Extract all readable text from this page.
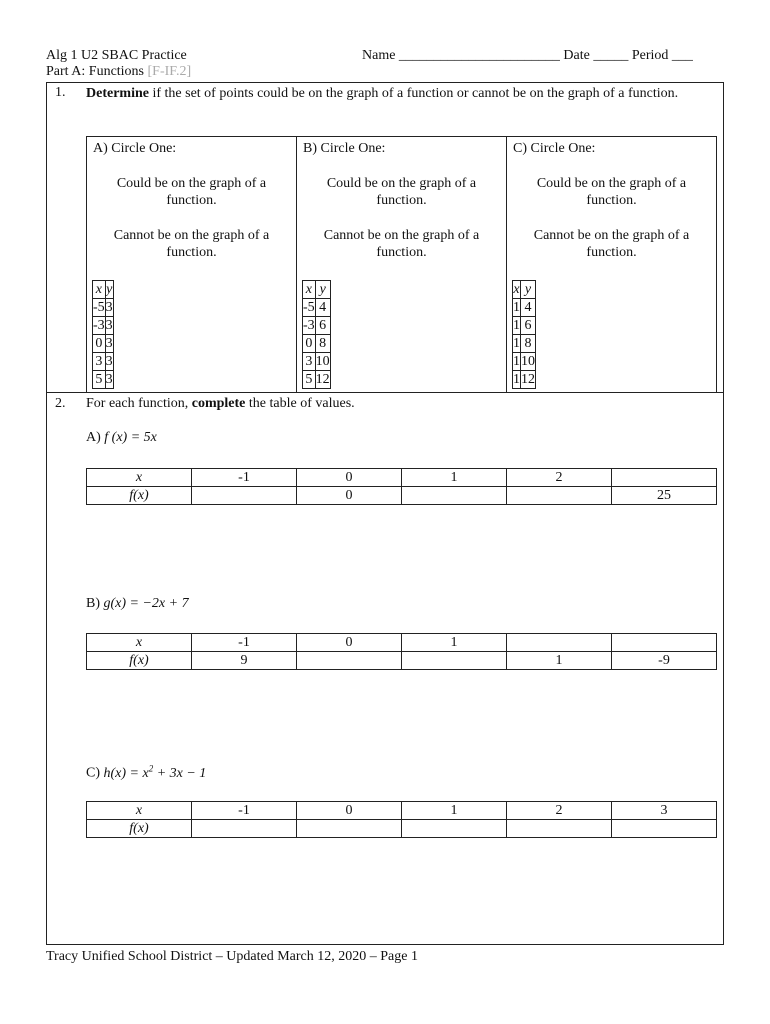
Alg 1 U2 SBAC Practice
Part A: Functions [F-IF.2]
Name _______________________ Date _____ Period ___
1. Determine if the set of points could be on the graph of a function or cannot be on the graph of a function.
A) Circle One:
Could be on the graph of a function.
Cannot be on the graph of a function.
x	y
-5	3
-3	3
0	3
3	3
5	3
B) Circle One:
Could be on the graph of a function.
Cannot be on the graph of a function.
x	y
-5	4
-3	6
0	8
3	10
5	12
C) Circle One:
Could be on the graph of a function.
Cannot be on the graph of a function.
x	y
1	4
1	6
1	8
1	10
1	12
2. For each function, complete the table of values.
A) f (x) = 5x
x	-1	0	1	2	
f(x)		0			25
B) g(x) = −2x + 7
x	-1	0	1		
f(x)	9			1	-9
C) $h(x) = x^2 + 3x - 1$
x	-1	0	1	2	3
f(x)					
Tracy Unified School District – Updated March 12, 2020 – Page 1
